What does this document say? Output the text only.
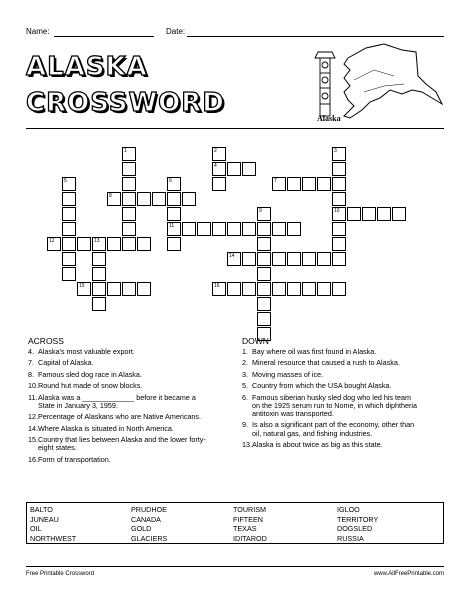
Name:	Date:
ALASKA
CROSSWORD
Alaska
1	2
4
3
10
5	6
11
9
13
7
8
12
14
15	16
ACROSS
4. Alaska's most valuable export.
7. Capital of Alaska.
8. Famous sled dog race in Alaska.
10. Round hut made of snow blocks.
11. Alaska was a _____________ before it became a State in January 3, 1959.
12. Percentage of Alaskans who are Native Americans.
14. Where Alaska is situated in North America.
15. Country that lies between Alaska and the lower forty-eight states.
16. Form of transportation.
DOWN
1. Bay where oil was first found in Alaska.
2. Mineral resource that caused a rush to Alaska.
3. Moving masses of ice.
5. Country from which the USA bought Alaska.
6. Famous siberian husky sled dog who led his team on the 1925 serum run to Nome, in which diphtheria antitoxin was transported.
9. Is also a significant part of the economy, other than oil, natural gas, and fishing industries.
13. Alaska is about twice as big as this state.
BALTO
JUNEAU
OIL
NORTHWEST
PRUDHOE
CANADA
GOLD
GLACIERS
TOURISM
FIFTEEN
TEXAS
IDITAROD
IGLOO
TERRITORY
DOGSLED
RUSSIA
Free Printable Crossword	www.AllFreePrintable.com
